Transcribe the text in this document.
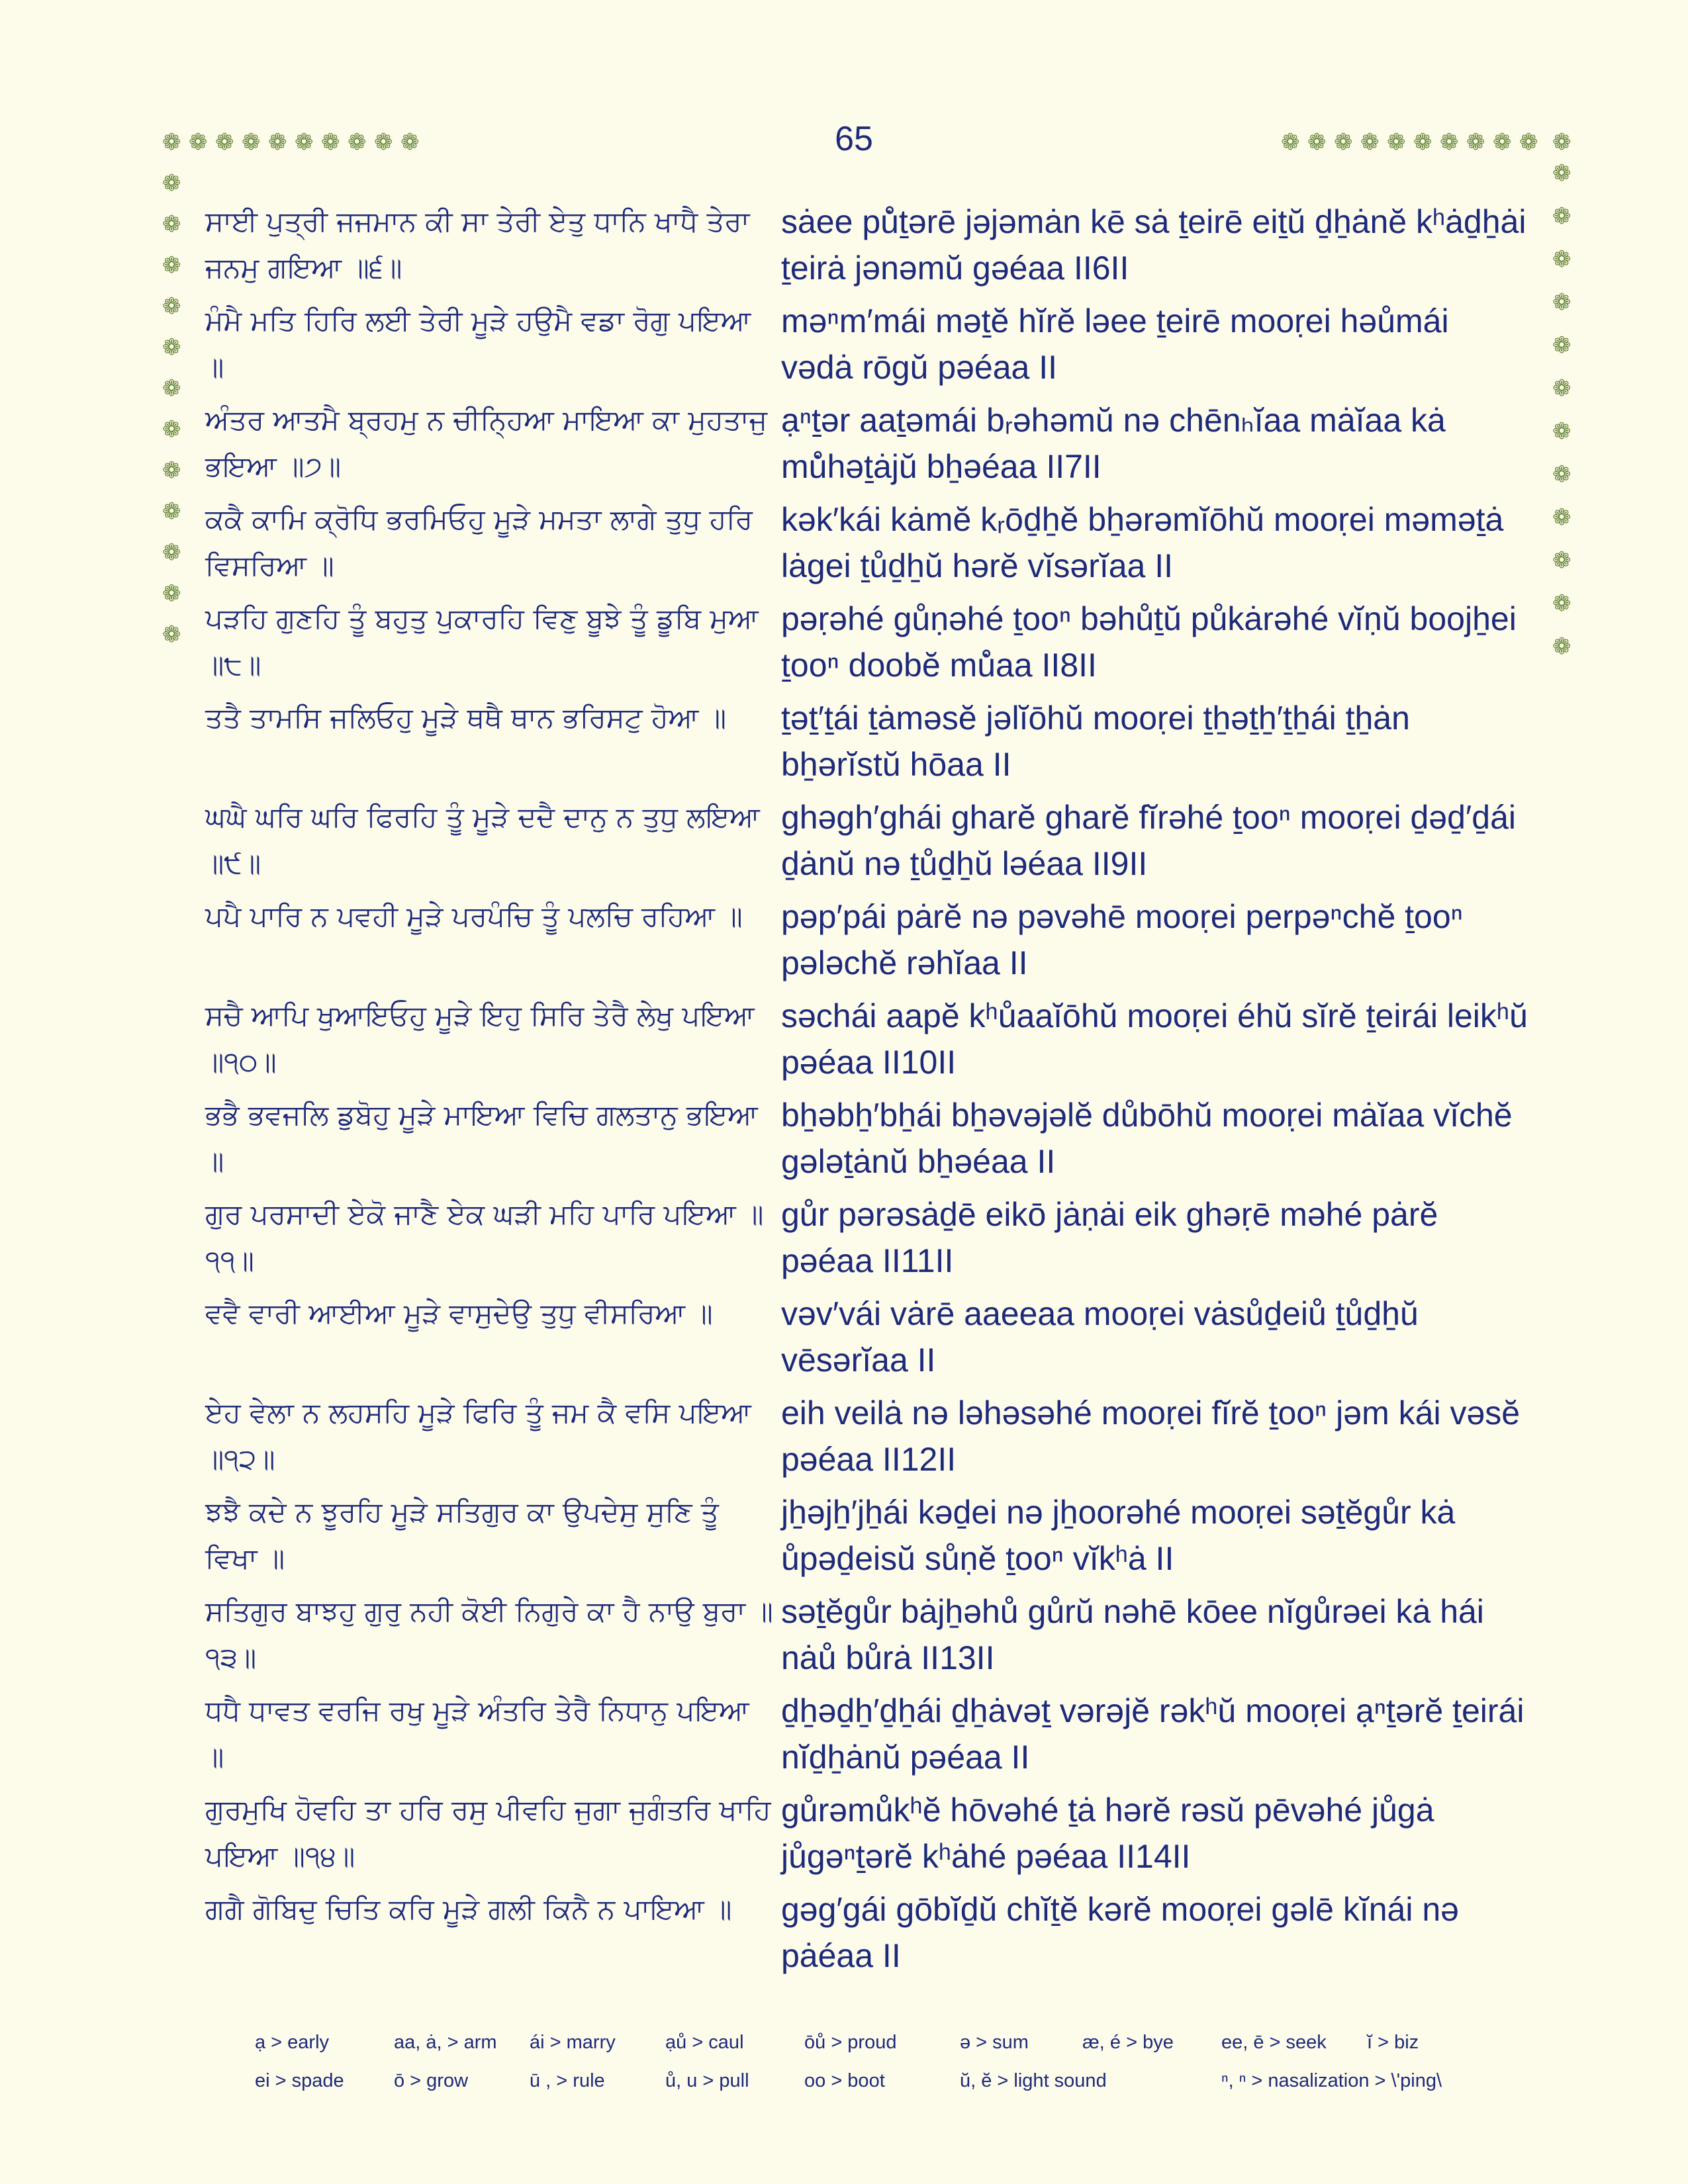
❁ ❁ ❁ ❁ ❁ ❁ ❁ ❁ ❁ ❁
❁
❁
❁
❁
❁
❁
❁
❁
❁
❁
❁
❁
❁ ❁ ❁ ❁ ❁ ❁ ❁ ❁ ❁ ❁ ❁
❁
❁
❁
❁
❁
❁
❁
❁
❁
❁
❁
❁
65
ਸਾਈ ਪੁਤ੍ਰੀ ਜਜਮਾਨ ਕੀ ਸਾ ਤੇਰੀ ਏਤੁ ਧਾਨਿ ਖਾਧੈ ਤੇਰਾ ਜਨਮੁ ਗਇਆ ॥੬॥
sȧee pů̇ṯərē jəjəmȧn kē sȧ ṯeirē eiṯŭ ḏẖȧnĕ kʰȧḏẖȧi ṯeirȧ jənəmŭ gəéaa II6II
ਮੰਮੈ ਮਤਿ ਹਿਰਿ ਲਈ ਤੇਰੀ ਮੂੜੇ ਹਉਮੈ ਵਡਾ ਰੋਗੁ ਪਇਆ ॥
məⁿm′mái məṯĕ hĭrĕ ləee ṯeirē mooṛei həůmái vədȧ rōgŭ pəéaa II
ਅੰਤਰ ਆਤਮੈ ਬ੍ਰਹਮੁ ਨ ਚੀਨ੍ਹਿਆ ਮਾਇਆ ਕਾ ਮੁਹਤਾਜੁ ਭਇਆ ॥੭॥
ạⁿṯər aaṯəmái bᵣəhəmŭ nə chēnₕĭaa mȧĭaa kȧ mů̇həṯȧjŭ bẖəéaa II7II
ਕਕੈ ਕਾਮਿ ਕ੍ਰੋਧਿ ਭਰਮਿਓਹੁ ਮੂੜੇ ਮਮਤਾ ਲਾਗੇ ਤੁਧੁ ਹਰਿ ਵਿਸਰਿਆ ॥
kək′kái kȧmĕ kᵣōḏẖĕ bẖərəmĭōhŭ mooṛei məməṯȧ lȧgei ṯůḏẖŭ hərĕ vĭsərĭaa II
ਪੜਹਿ ਗੁਣਹਿ ਤੂੰ ਬਹੁਤੁ ਪੁਕਾਰਹਿ ਵਿਣੁ ਬੂਝੇ ਤੂੰ ਡੂਬਿ ਮੁਆ ॥੮॥
pəṛəhé gůṇəhé ṯooⁿ bəhůṯŭ půkȧrəhé vĭṇŭ boojẖei ṯooⁿ doobĕ mů̇aa II8II
ਤਤੈ ਤਾਮਸਿ ਜਲਿਓਹੁ ਮੂੜੇ ਥਥੈ ਥਾਨ ਭਰਿਸਟੁ ਹੋਆ ॥	ṯəṯ′ṯái ṯȧməsĕ jəlĭōhŭ mooṛei ṯẖəṯẖ′ṯẖái ṯẖȧn bẖərĭstŭ hōaa II
ਘਘੈ ਘਰਿ ਘਰਿ ਫਿਰਹਿ ਤੂੰ ਮੂੜੇ ਦਦੈ ਦਾਨੁ ਨ ਤੁਧੁ ਲਇਆ ॥੯॥
ghəgh′ghái gharĕ gharĕ fĭrəhé ṯooⁿ mooṛei ḏəḏ′ḏái ḏȧnŭ nə ṯůḏẖŭ ləéaa II9II
ਪਪੈ ਪਾਰਿ ਨ ਪਵਹੀ ਮੂੜੇ ਪਰਪੰਚਿ ਤੂੰ ਪਲਚਿ ਰਹਿਆ ॥	pəp′pái pȧrĕ nə pəvəhē mooṛei perpəⁿchĕ ṯooⁿ pələchĕ rəhĭaa II
ਸਚੈ ਆਪਿ ਖੁਆਇਓਹੁ ਮੂੜੇ ਇਹੁ ਸਿਰਿ ਤੇਰੈ ਲੇਖੁ ਪਇਆ ॥੧੦॥
səchái aapĕ kʰůaaĭōhŭ mooṛei éhŭ sĭrĕ ṯeirái leikʰŭ pəéaa II10II
ਭਭੈ ਭਵਜਲਿ ਡੁਬੋਹੁ ਮੂੜੇ ਮਾਇਆ ਵਿਚਿ ਗਲਤਾਨੁ ਭਇਆ ॥
bẖəbẖ′bẖái bẖəvəjəlĕ důbōhŭ mooṛei mȧĭaa vĭchĕ gələṯȧnŭ bẖəéaa II
ਗੁਰ ਪਰਸਾਦੀ ਏਕੋ ਜਾਣੈ ਏਕ ਘੜੀ ਮਹਿ ਪਾਰਿ ਪਇਆ ॥੧੧॥
gůr pərəsȧḏē eikō jȧṇȧi eik ghəṛē məhé pȧrĕ pəéaa II11II
ਵਵੈ ਵਾਰੀ ਆਈਆ ਮੂੜੇ ਵਾਸੁਦੇਉ ਤੁਧੁ ਵੀਸਰਿਆ ॥	vəv′vái vȧrē aaeeaa mooṛei vȧsůḏeiů ṯůḏẖŭ vēsərĭaa II
ਏਹ ਵੇਲਾ ਨ ਲਹਸਹਿ ਮੂੜੇ ਫਿਰਿ ਤੂੰ ਜਮ ਕੈ ਵਸਿ ਪਇਆ ॥੧੨॥
eih veilȧ nə ləhəsəhé mooṛei fĭrĕ ṯooⁿ jəm kái vəsĕ pəéaa II12II
ਝਝੈ ਕਦੇ ਨ ਝੂਰਹਿ ਮੂੜੇ ਸਤਿਗੁਰ ਕਾ ਉਪਦੇਸੁ ਸੁਣਿ ਤੂੰ ਵਿਖਾ ॥
jẖəjẖ′jẖái kəḏei nə jẖoorəhé mooṛei səṯĕgůr kȧ ůpəḏeisŭ sůṇĕ ṯooⁿ vĭkʰȧ II
ਸਤਿਗੁਰ ਬਾਝਹੁ ਗੁਰੁ ਨਹੀ ਕੋਈ ਨਿਗੁਰੇ ਕਾ ਹੈ ਨਾਉ ਬੁਰਾ ॥੧੩॥
səṯĕgůr bȧjẖəhů gůrŭ nəhē kōee nĭgůrəei kȧ hái nȧů bůrȧ II13II
ਧਧੈ ਧਾਵਤ ਵਰਜਿ ਰਖੁ ਮੂੜੇ ਅੰਤਰਿ ਤੇਰੈ ਨਿਧਾਨੁ ਪਇਆ ॥
ḏẖəḏẖ′ḏẖái ḏẖȧvəṯ vərəjĕ rəkʰŭ mooṛei ạⁿṯərĕ ṯeirái nĭḏẖȧnŭ pəéaa II
ਗੁਰਮੁਖਿ ਹੋਵਹਿ ਤਾ ਹਰਿ ਰਸੁ ਪੀਵਹਿ ਜੁਗਾ ਜੁਗੰਤਰਿ ਖਾਹਿ ਪਇਆ ॥੧੪॥
gůrəmůkʰĕ hōvəhé ṯȧ hərĕ rəsŭ pēvəhé jůgȧ jůgəⁿṯərĕ kʰȧhé pəéaa II14II
ਗਗੈ ਗੋਬਿਦੁ ਚਿਤਿ ਕਰਿ ਮੂੜੇ ਗਲੀ ਕਿਨੈ ਨ ਪਾਇਆ ॥	gəg′gái gōbĭḏŭ chĭṯĕ kərĕ mooṛei gəlē kĭnái nə pȧéaa II
ạ > early	aa, ȧ, > arm	ái > marry	ạů > caul	ōů > proud	ə > sum	æ, é > bye	ee, ē > seek	ĭ > biz
ei > spade	ō > grow	ū , > rule	ů, u > pull	oo > boot	ŭ, ĕ > light sound	ⁿ, ⁿ > nasalization > \'ping\
